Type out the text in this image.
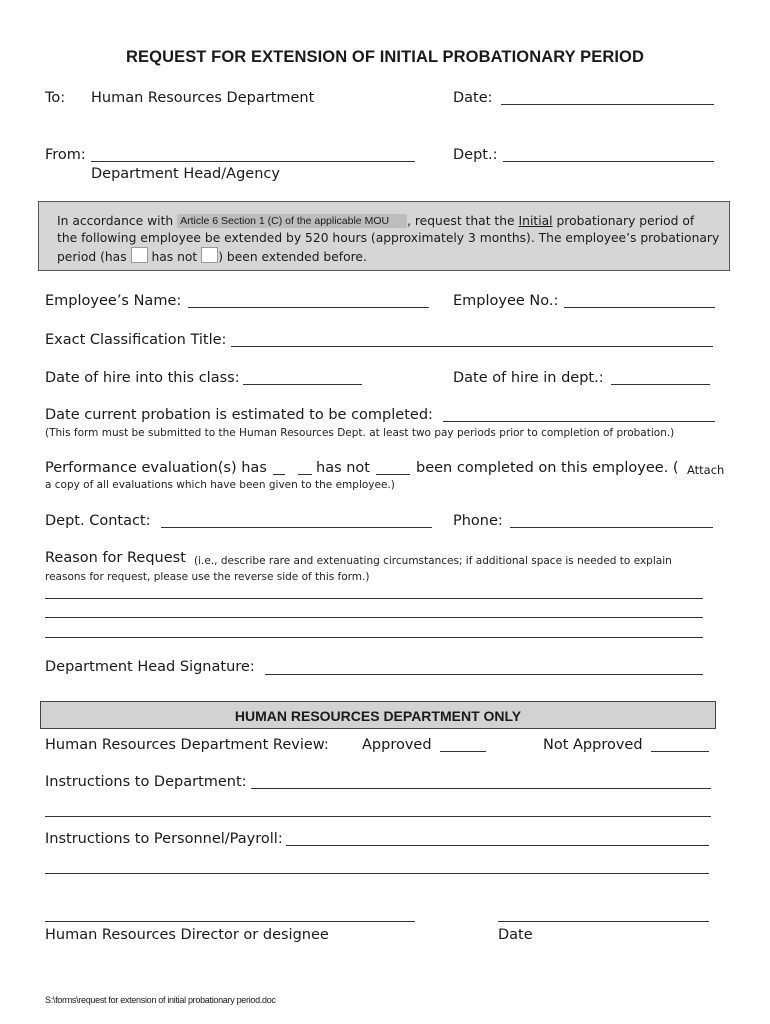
REQUEST FOR EXTENSION OF INITIAL PROBATIONARY PERIOD
To: Human Resources Department	Date:
From:
Department Head/Agency
Dept.:
In accordance with Article 6 Section 1 (C) of the applicable MOU , request that the Initial probationary period of
the following employee be extended by 520 hours (approximately 3 months). The employee’s probationary
period (has has not ) been extended before.
Employee’s Name:	Employee No.:
Exact Classification Title:
Date of hire into this class:	Date of hire in dept.:
Date current probation is estimated to be completed:
(This form must be submitted to the Human Resources Dept. at least two pay periods prior to completion of probation.)
Performance evaluation(s) has	has not	been completed on this employee. ( Attach
a copy of all evaluations which have been given to the employee.)
Dept. Contact:	Phone:
Reason for Request (i.e., describe rare and extenuating circumstances; if additional space is needed to explain
reasons for request, please use the reverse side of this form.)
Department Head Signature:
HUMAN RESOURCES DEPARTMENT ONLY
Human Resources Department Review: Approved	Not Approved
Instructions to Department:
Instructions to Personnel/Payroll:
Human Resources Director or designee	Date
S:\forms\request for extension of initial probationary period.doc
